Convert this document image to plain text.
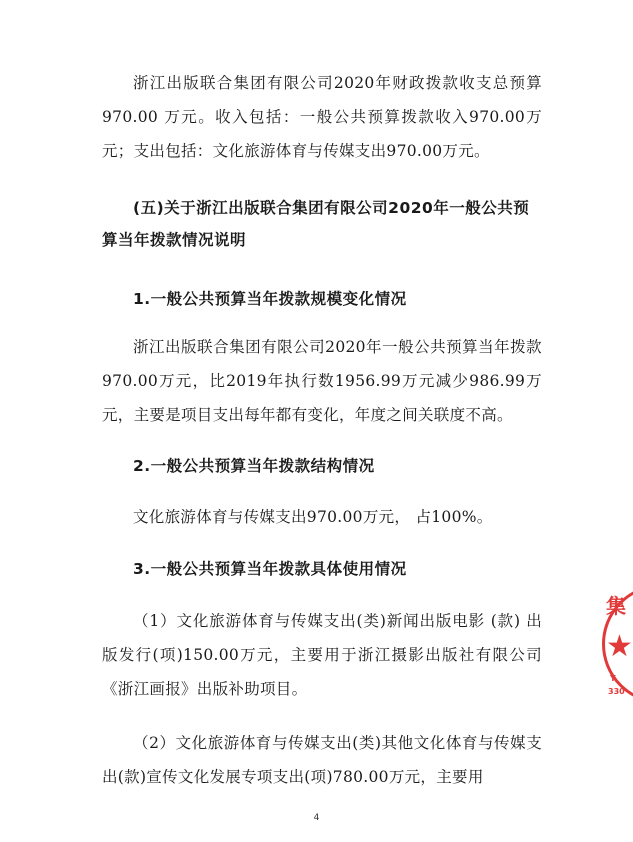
浙江出版联合集团有限公司2020年财政拨款收支总预算970.00 万元。收入包括：一般公共预算拨款收入970.00万元；支出包括：文化旅游体育与传媒支出970.00万元。

(五)关于浙江出版联合集团有限公司2020年一般公共预算当年拨款情况说明

1.一般公共预算当年拨款规模变化情况

浙江出版联合集团有限公司2020年一般公共预算当年拨款970.00万元，比2019年执行数1956.99万元减少986.99万元，主要是项目支出每年都有变化，年度之间关联度不高。

2.一般公共预算当年拨款结构情况

文化旅游体育与传媒支出970.00万元， 占100%。

3.一般公共预算当年拨款具体使用情况

（1）文化旅游体育与传媒支出(类)新闻出版电影 (款) 出版发行(项)150.00万元，主要用于浙江摄影出版社有限公司《浙江画报》出版补助项目。

（2）文化旅游体育与传媒支出(类)其他文化体育与传媒支出(款)宣传文化发展专项支出(项)780.00万元，主要用

4
集
★
Y
330
